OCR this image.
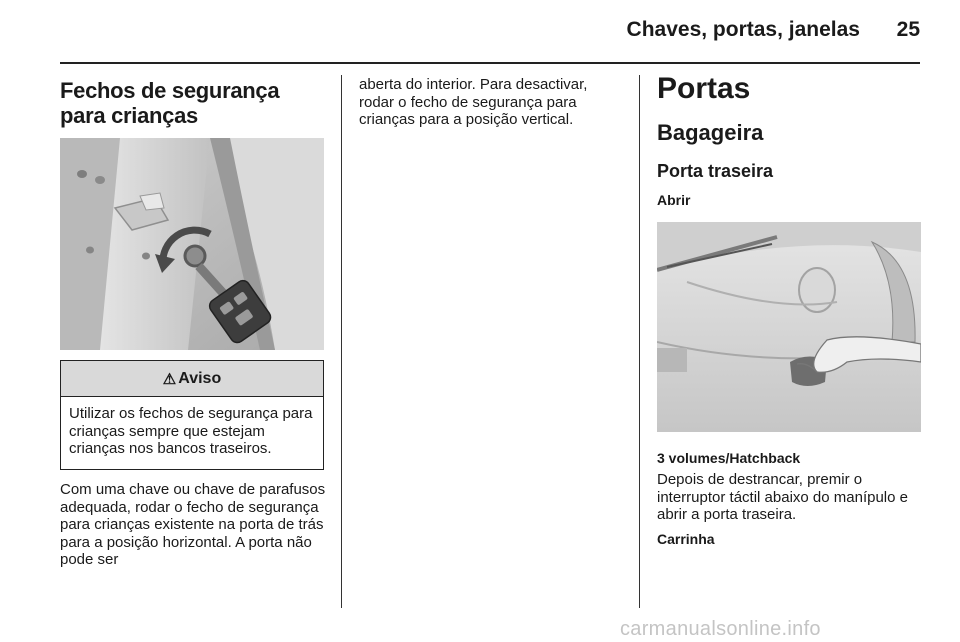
Chaves, portas, janelas	25
Fechos de segurança para crianças
⚠ Aviso
Utilizar os fechos de segurança para crianças sempre que estejam crianças nos bancos traseiros.

Com uma chave ou chave de parafusos adequada, rodar o fecho de segurança para crianças existente na porta de trás para a posição horizontal. A porta não pode ser

aberta do interior. Para desactivar, rodar o fecho de segurança para crianças para a posição vertical.

Portas
Bagageira
Porta traseira
Abrir
3 volumes/Hatchback

Depois de destrancar, premir o interruptor táctil abaixo do manípulo e abrir a porta traseira.

Carrinha
carmanualsonline.info
